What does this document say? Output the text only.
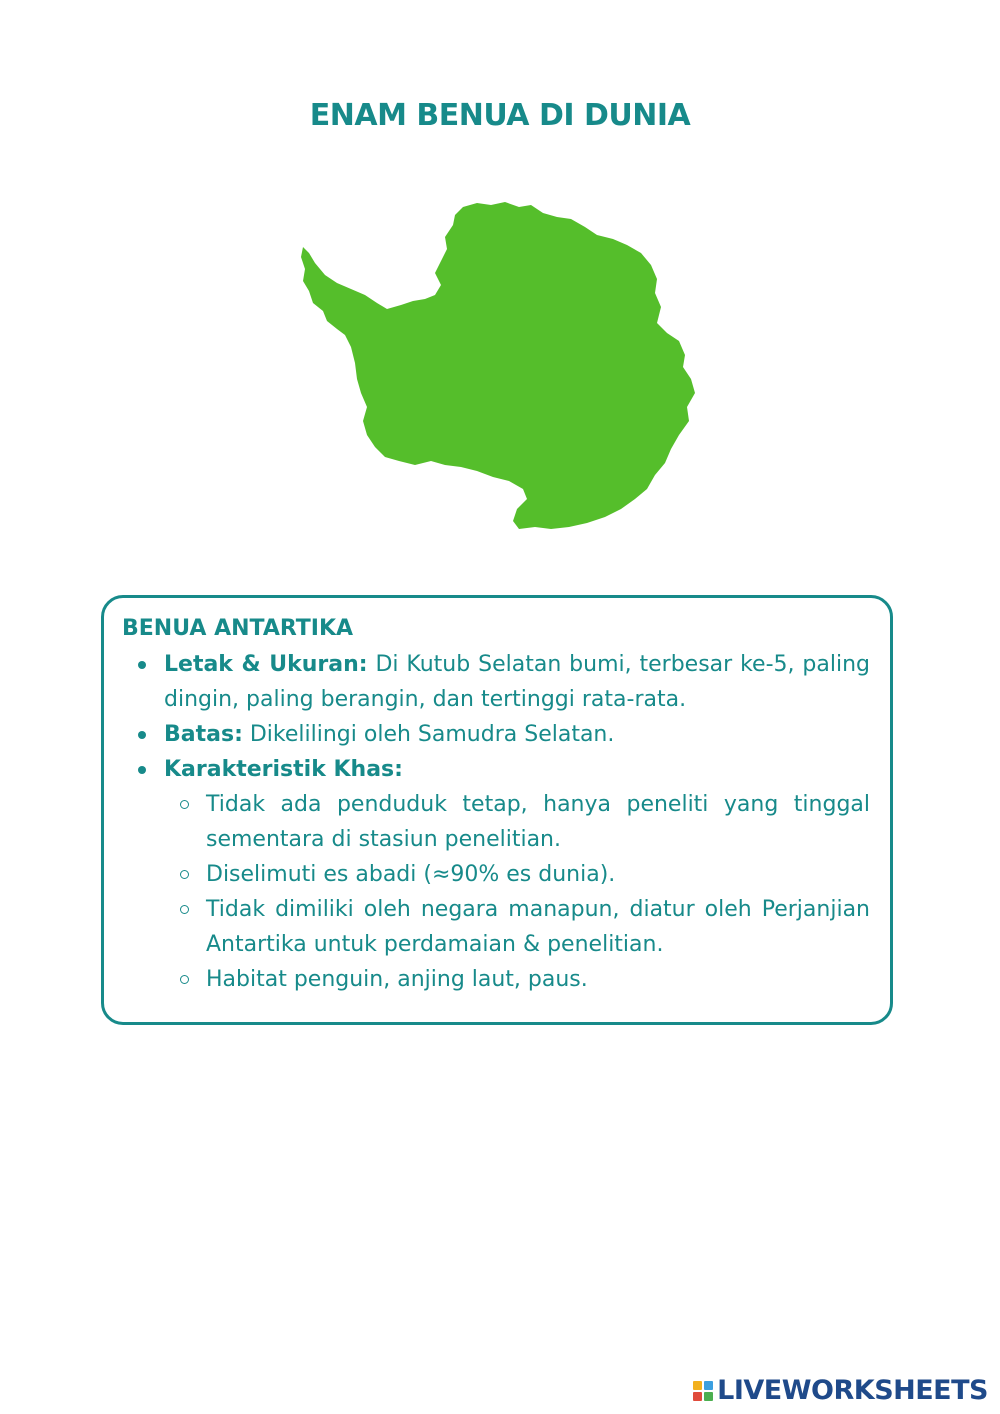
ENAM BENUA DI DUNIA
BENUA ANTARTIKA
Letak & Ukuran: Di Kutub Selatan bumi, terbesar ke-5, paling dingin, paling berangin, dan tertinggi rata-rata.
Batas: Dikelilingi oleh Samudra Selatan.
Karakteristik Khas:
Tidak ada penduduk tetap, hanya peneliti yang tinggal sementara di stasiun penelitian.
Diselimuti es abadi (≈90% es dunia).
Tidak dimiliki oleh negara manapun, diatur oleh Perjanjian Antartika untuk perdamaian & penelitian.
Habitat penguin, anjing laut, paus.
LIVEWORKSHEETS
